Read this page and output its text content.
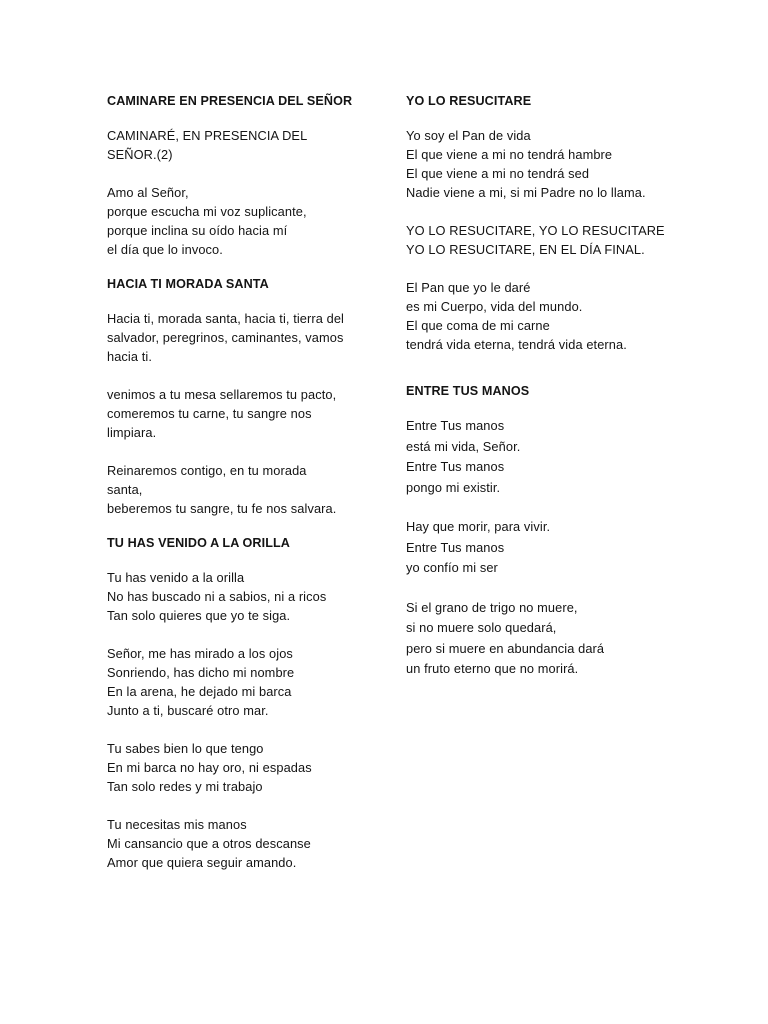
CAMINARE EN PRESENCIA DEL SEÑOR
CAMINARÉ, EN PRESENCIA DEL
SEÑOR.(2)
Amo al Señor,
porque escucha mi voz suplicante,
porque inclina su oído hacia mí
el día que lo invoco.
HACIA TI MORADA SANTA
Hacia ti, morada santa, hacia ti, tierra del
salvador, peregrinos, caminantes, vamos
hacia ti.
venimos a tu mesa sellaremos tu pacto,
comeremos tu carne, tu sangre nos
limpiara.
Reinaremos contigo, en tu morada
santa,
beberemos tu sangre, tu fe nos salvara.
TU HAS VENIDO A LA ORILLA
Tu has venido a la orilla
No has buscado ni a sabios, ni a ricos
Tan solo quieres que yo te siga.
Señor, me has mirado a los ojos
Sonriendo, has dicho mi nombre
En la arena, he dejado mi barca
Junto a ti, buscaré otro mar.
Tu sabes bien lo que tengo
En mi barca no hay oro, ni espadas
Tan solo redes y mi trabajo
Tu necesitas mis manos
Mi cansancio que a otros descanse
Amor que quiera seguir amando.
YO LO RESUCITARE
Yo soy el Pan de vida
El que viene a mi no tendrá hambre
El que viene a mi no tendrá sed
Nadie viene a mi, si mi Padre no lo llama.
YO LO RESUCITARE, YO LO RESUCITARE
YO LO RESUCITARE, EN EL DÍA FINAL.
El Pan que yo le daré
es mi Cuerpo, vida del mundo.
El que coma de mi carne
tendrá vida eterna, tendrá vida eterna.
ENTRE TUS MANOS
Entre Tus manos
está mi vida, Señor.
Entre Tus manos
pongo mi existir.
Hay que morir, para vivir.
Entre Tus manos
yo confío mi ser
Si el grano de trigo no muere,
si no muere solo quedará,
pero si muere en abundancia dará
un fruto eterno que no morirá.
